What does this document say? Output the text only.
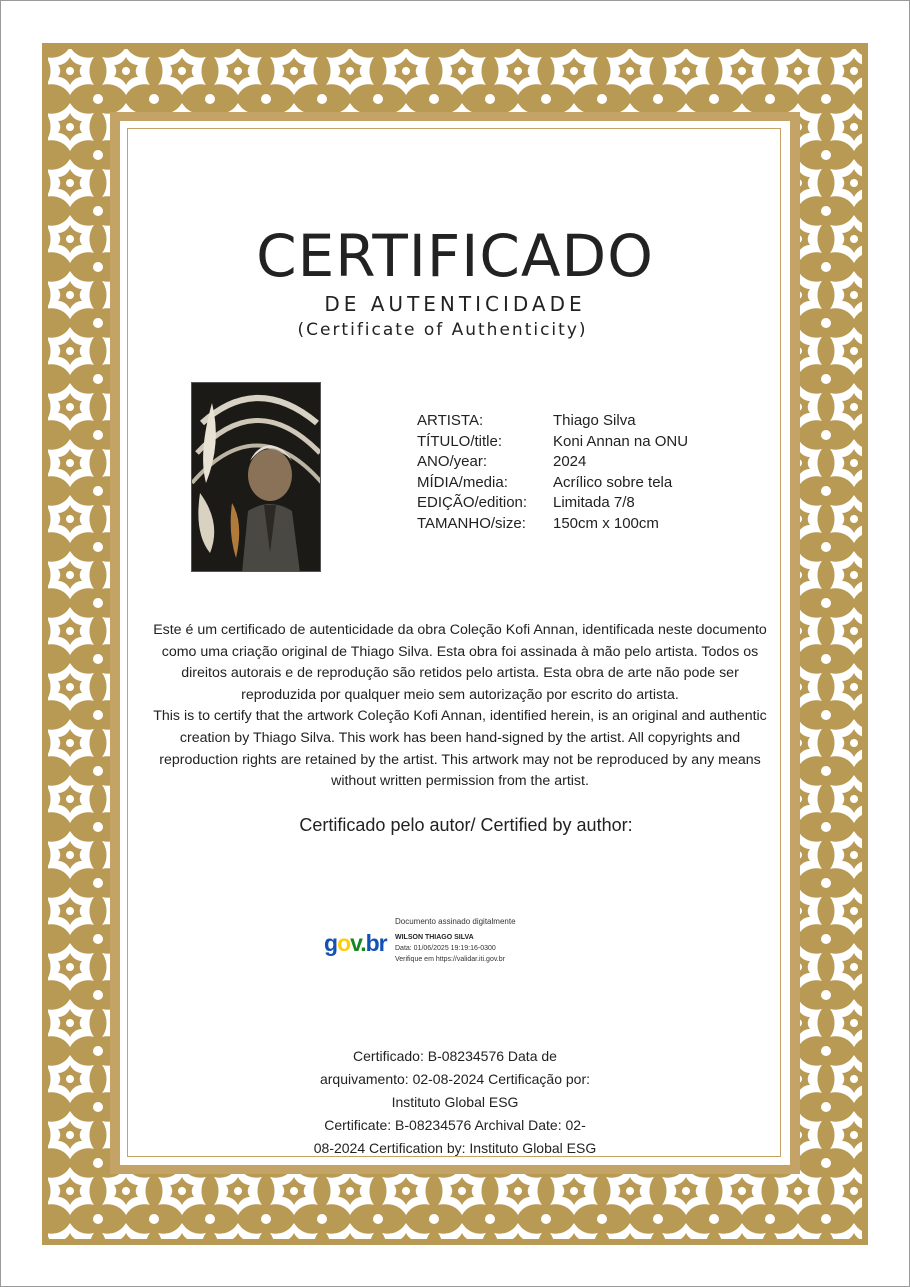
CERTIFICADO
DE AUTENTICIDADE
(Certificate of Authenticity)
ARTISTA:	Thiago Silva
TÍTULO/title:	Koni Annan na ONU
ANO/year:	2024
MÍDIA/media:	Acrílico sobre tela
EDIÇÃO/edition:	Limitada 7/8
TAMANHO/size:	150cm x 100cm
Este é um certificado de autenticidade da obra Coleção Kofi Annan, identificada neste documento como uma criação original de Thiago Silva. Esta obra foi assinada à mão pelo artista. Todos os direitos autorais e de reprodução são retidos pelo artista. Esta obra de arte não pode ser reproduzida por qualquer meio sem autorização por escrito do artista.
This is to certify that the artwork Coleção Kofi Annan, identified herein, is an original and authentic creation by Thiago Silva. This work has been hand-signed by the artist. All copyrights and reproduction rights are retained by the artist. This artwork may not be reproduced by any means without written permission from the artist.
Certificado pelo autor/ Certified by author:
gov.br
Documento assinado digitalmente
WILSON THIAGO SILVA
Data: 01/06/2025 19:19:16-0300
Verifique em https://validar.iti.gov.br
Certificado: B-08234576 Data de
arquivamento: 02-08-2024 Certificação por:
Instituto Global ESG
Certificate: B-08234576 Archival Date: 02-
08-2024 Certification by: Instituto Global ESG
